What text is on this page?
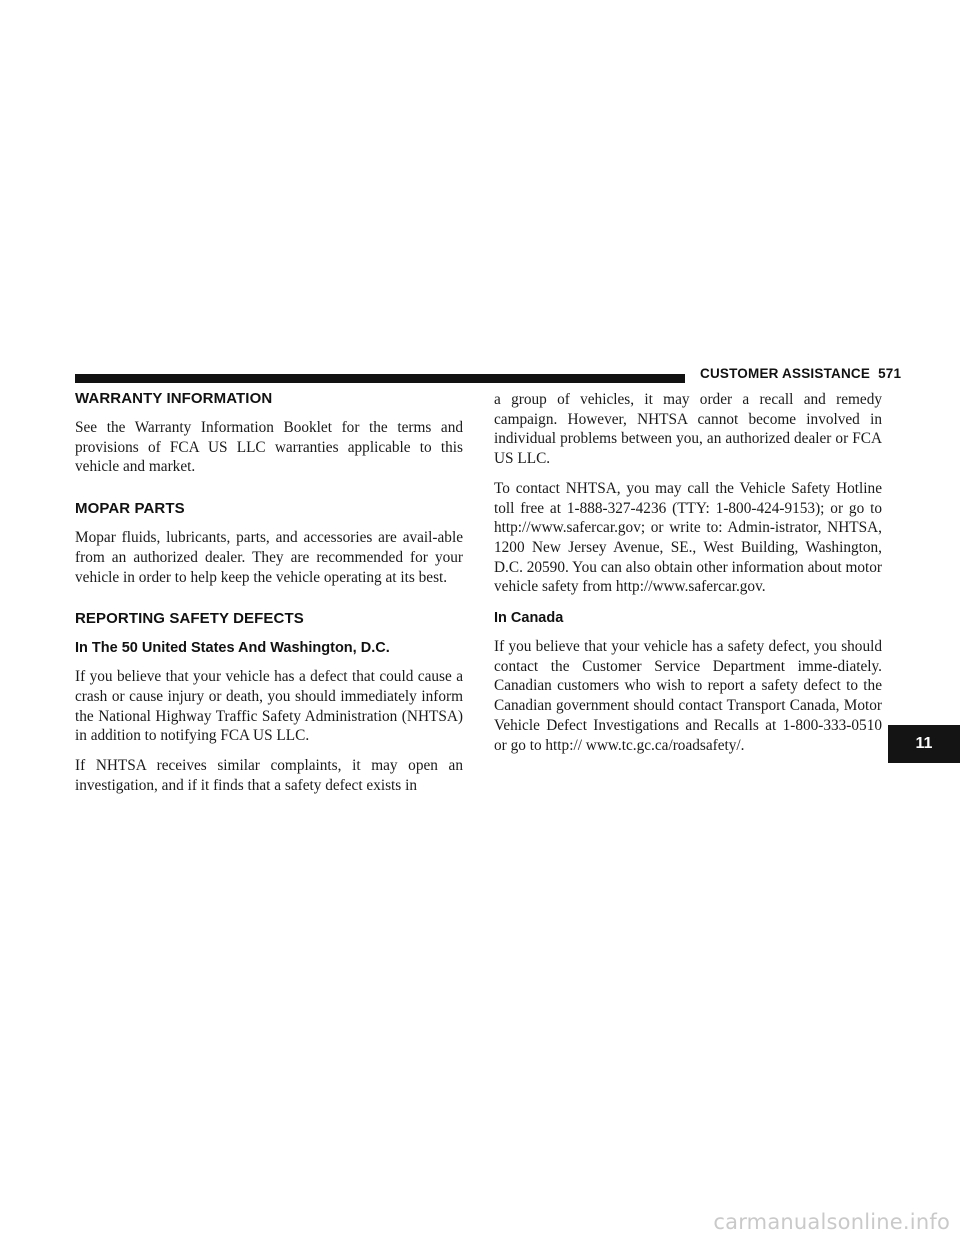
CUSTOMER ASSISTANCE 571
WARRANTY INFORMATION

See the Warranty Information Booklet for the terms and provisions of FCA US LLC warranties applicable to this vehicle and market.

MOPAR PARTS

Mopar fluids, lubricants, parts, and accessories are avail-able from an authorized dealer. They are recommended for your vehicle in order to help keep the vehicle operating at its best.

REPORTING SAFETY DEFECTS
In The 50 United States And Washington, D.C.

If you believe that your vehicle has a defect that could cause a crash or cause injury or death, you should immediately inform the National Highway Traffic Safety Administration (NHTSA) in addition to notifying FCA US LLC.

If NHTSA receives similar complaints, it may open an investigation, and if it finds that a safety defect exists in

a group of vehicles, it may order a recall and remedy campaign. However, NHTSA cannot become involved in individual problems between you, an authorized dealer or FCA US LLC.

To contact NHTSA, you may call the Vehicle Safety Hotline toll free at 1-888-327-4236 (TTY: 1-800-424-9153); or go to http://www.safercar.gov; or write to: Admin-istrator, NHTSA, 1200 New Jersey Avenue, SE., West Building, Washington, D.C. 20590. You can also obtain other information about motor vehicle safety from http://www.safercar.gov.

In Canada

If you believe that your vehicle has a safety defect, you should contact the Customer Service Department imme-diately. Canadian customers who wish to report a safety defect to the Canadian government should contact Transport Canada, Motor Vehicle Defect Investigations and Recalls at 1-800-333-0510 or go to http:// www.tc.gc.ca/roadsafety/.	11
carmanualsonline.info
